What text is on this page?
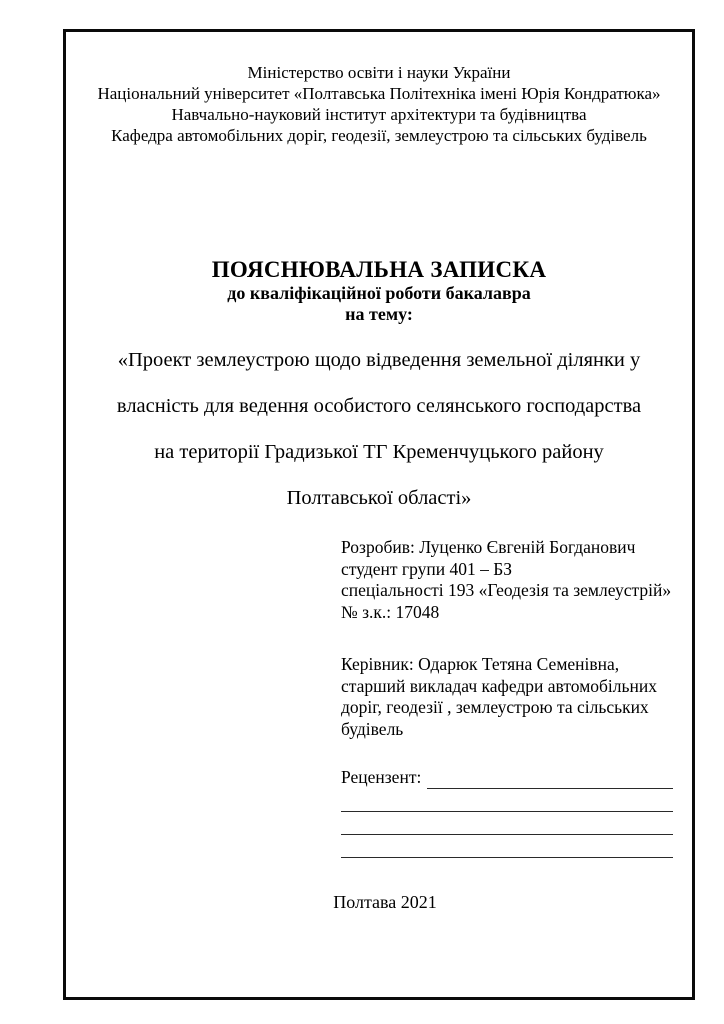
Міністерство освіти і науки України
Національний університет «Полтавська Політехніка імені Юрія Кондратюка»
Навчально-науковий інститут архітектури та будівництва
Кафедра автомобільних доріг, геодезії, землеустрою та сільських будівель
ПОЯСНЮВАЛЬНА ЗАПИСКА
до кваліфікаційної роботи бакалавра
на тему:
«Проект землеустрою щодо відведення земельної ділянки у
власність для ведення особистого селянського господарства
на території Градизької ТГ Кременчуцького району
Полтавської області»
Розробив: Луценко Євгеній Богданович
студент групи 401 – БЗ
спеціальності 193 «Геодезія та землеустрій»
№ з.к.: 17048
Керівник: Одарюк Тетяна Семенівна,
старший викладач кафедри автомобільних
доріг, геодезії , землеустрою та сільських
будівель
Рецензент:
Полтава 2021
